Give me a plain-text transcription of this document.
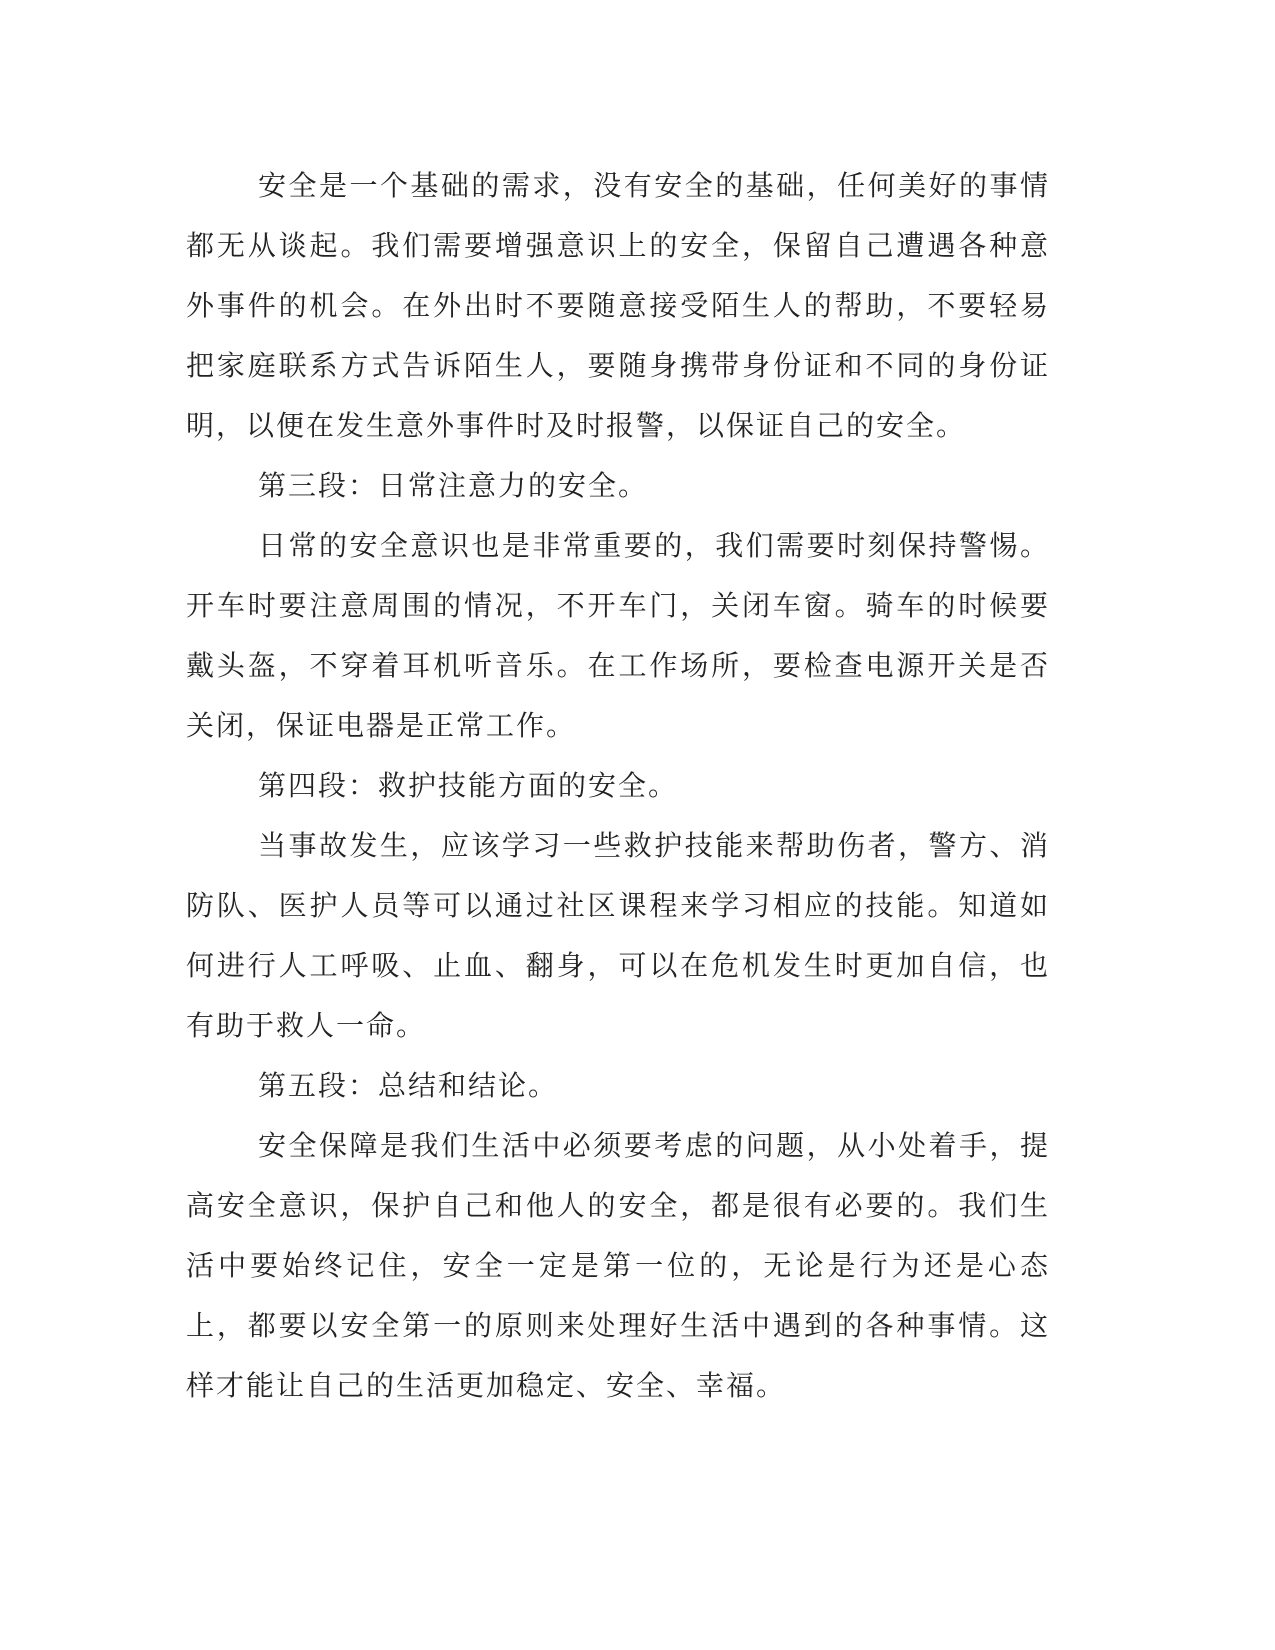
安全是一个基础的需求，没有安全的基础，任何美好的事情都无从谈起。我们需要增强意识上的安全，保留自己遭遇各种意外事件的机会。在外出时不要随意接受陌生人的帮助，不要轻易把家庭联系方式告诉陌生人，要随身携带身份证和不同的身份证明，以便在发生意外事件时及时报警，以保证自己的安全。

第三段：日常注意力的安全。

日常的安全意识也是非常重要的，我们需要时刻保持警惕。开车时要注意周围的情况，不开车门，关闭车窗。骑车的时候要戴头盔，不穿着耳机听音乐。在工作场所，要检查电源开关是否关闭，保证电器是正常工作。

第四段：救护技能方面的安全。

当事故发生，应该学习一些救护技能来帮助伤者，警方、消防队、医护人员等可以通过社区课程来学习相应的技能。知道如何进行人工呼吸、止血、翻身，可以在危机发生时更加自信，也有助于救人一命。

第五段：总结和结论。

安全保障是我们生活中必须要考虑的问题，从小处着手，提高安全意识，保护自己和他人的安全，都是很有必要的。我们生活中要始终记住，安全一定是第一位的，无论是行为还是心态上，都要以安全第一的原则来处理好生活中遇到的各种事情。这样才能让自己的生活更加稳定、安全、幸福。
